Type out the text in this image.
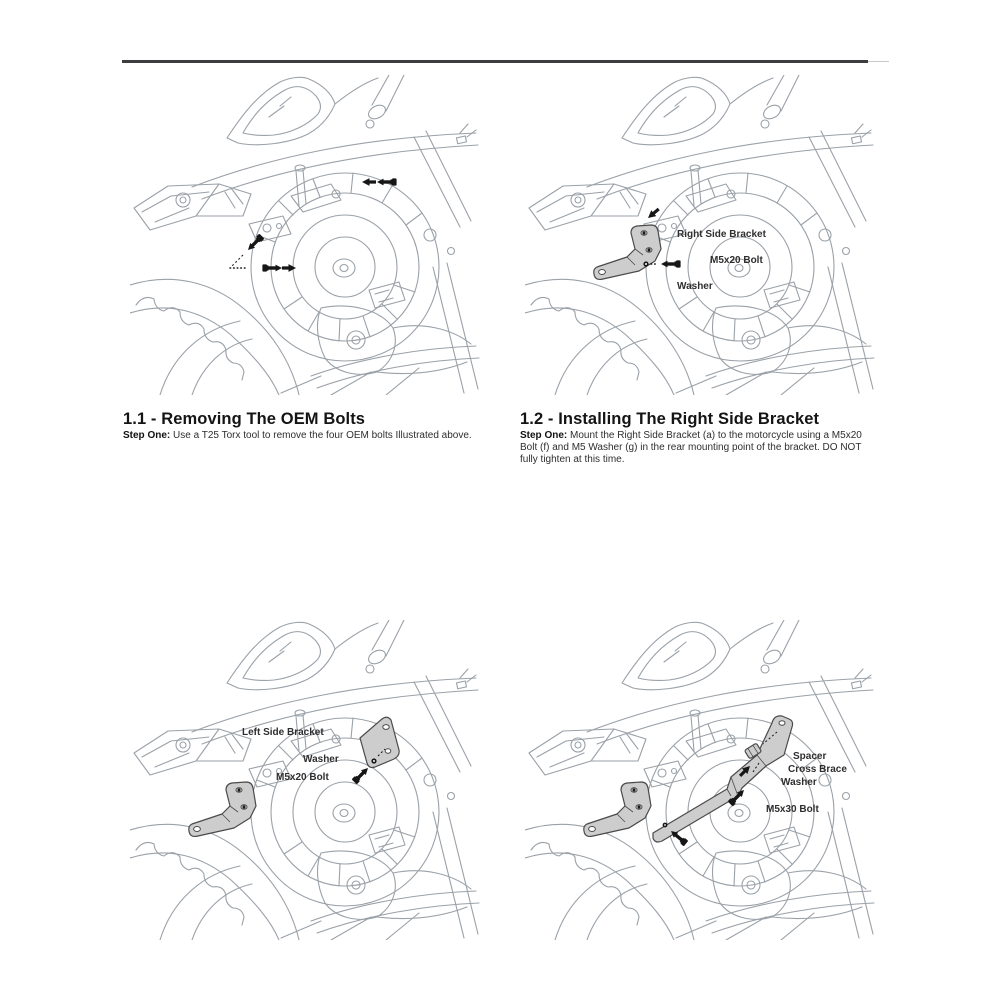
Right Side Bracket
M5x20 Bolt
Washer
Left Side Bracket
Washer
M5x20 Bolt
Spacer
Cross Brace
Washer
M5x30 Bolt
1.1 - Removing The OEM Bolts	1.2 - Installing The Right Side Bracket

Step One: Use a T25 Torx tool to remove the four OEM bolts Illustrated above.	Step One: Mount the Right Side Bracket (a) to the motorcycle using a M5x20 Bolt (f) and M5 Washer (g) in the rear mounting point of the bracket. DO NOT fully tighten at this time.
